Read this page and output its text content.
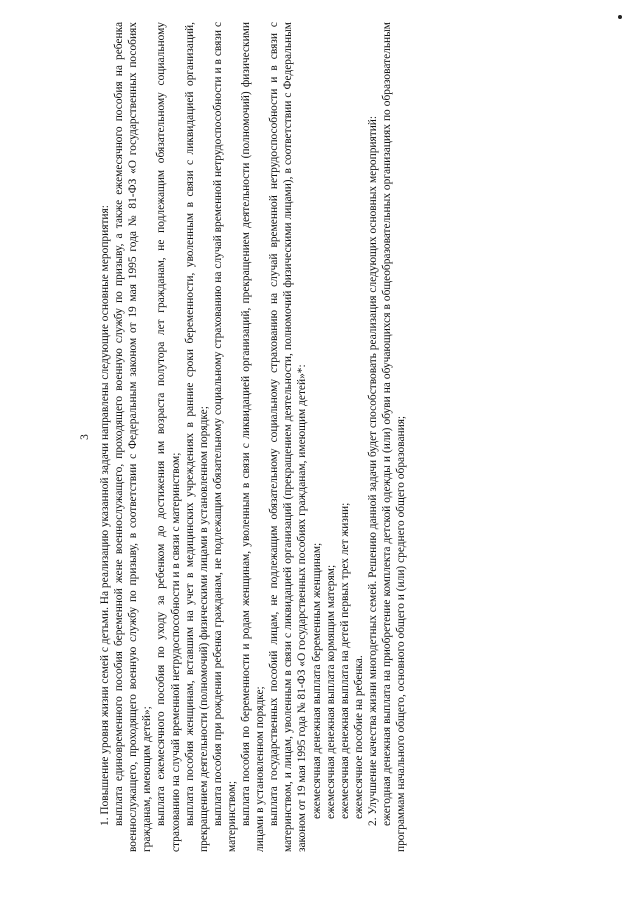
3 1. Повышение уровня жизни семей с детьми. На реализацию указанной задачи направлены следующие основные мероприятия: выплата единовременного пособия беременной жене военнослужащего, проходящего военную службу по призыву, а также ежемесячного пособия на ребенка военнослужащего, проходящего военную службу по призыву, в соответствии с Федеральным законом от 19 мая 1995 года № 81-ФЗ «О государственных пособиях гражданам, имеющим детей»; выплата ежемесячного пособия по уходу за ребенком до достижения им возраста полутора лет гражданам, не подлежащим обязательному социальному страхованию на случай временной нетрудоспособности и в связи с материнством; выплата пособия женщинам, вставшим на учет в медицинских учреждениях в ранние сроки беременности, уволенным в связи с ликвидацией организаций, прекращением деятельности (полномочий) физическими лицами в установленном порядке; выплата пособия при рождении ребенка гражданам, не подлежащим обязательному социальному страхованию на случай временной нетрудоспособности и в связи с материнством; выплата пособия по беременности и родам женщинам, уволенным в связи с ликвидацией организаций, прекращением деятельности (полномочий) физическими лицами в установленном порядке; выплата государственных пособий лицам, не подлежащим обязательному социальному страхованию на случай временной нетрудоспособности и в связи с материнством, и лицам, уволенным в связи с ликвидацией организаций (прекращением деятельности, полномочий физическими лицами), в соответствии с Федеральным законом от 19 мая 1995 года № 81-ФЗ «О государственных пособиях гражданам, имеющим детей»*: ежемесячная денежная выплата беременным женщинам; ежемесячная денежная выплата кормящим матерям; ежемесячная денежная выплата на детей первых трех лет жизни; ежемесячное пособие на ребенка. 2. Улучшение качества жизни многодетных семей. Решению данной задачи будет способствовать реализация следующих основных мероприятий: ежегодная денежная выплата на приобретение комплекта детской одежды и (или) обуви на обучающихся в общеобразовательных организациях по образовательным программам начального общего, основного общего и (или) среднего общего образования;
